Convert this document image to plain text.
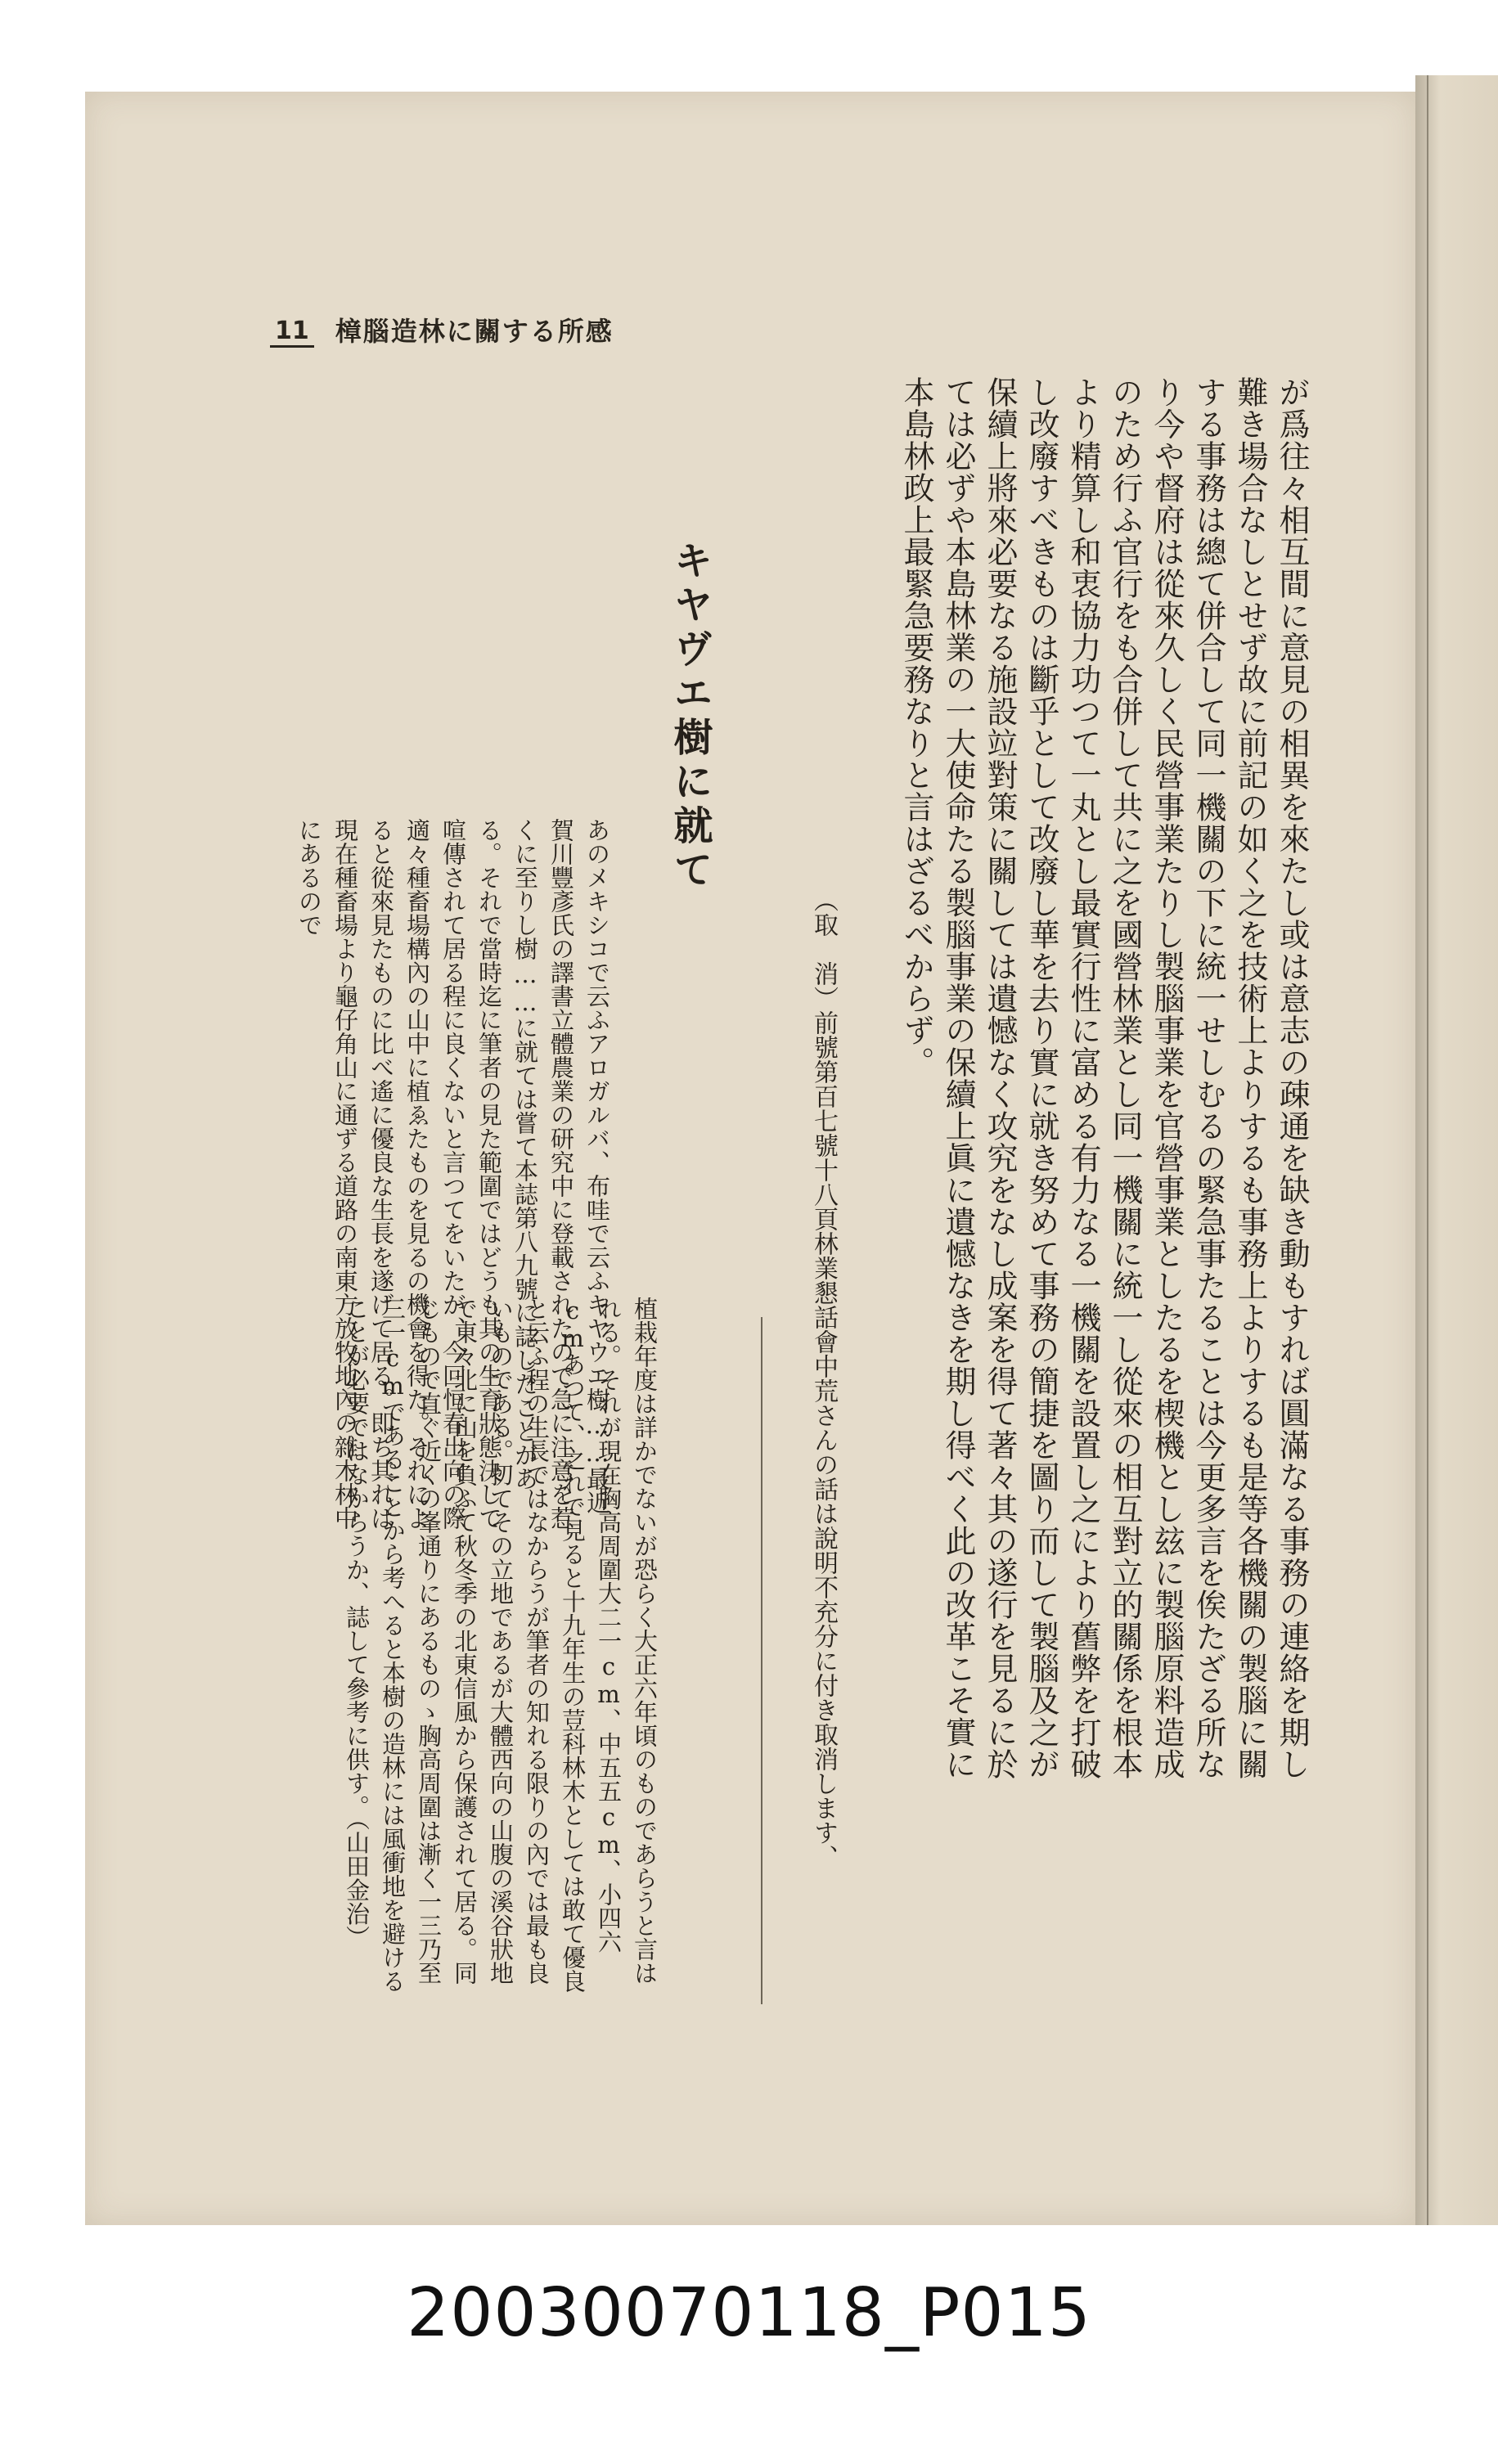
11 樟腦造林に關する所感
が爲往々相互間に意見の相異を來たし或は意志の疎通を缺き動もすれば圓滿なる事務の連絡を期し難き場合なしとせず故に前記の如く之を技術上よりするも事務上よりするも是等各機關の製腦に關する事務は總て併合して同一機關の下に統一せしむるの緊急事たることは今更多言を俟たざる所なり今や督府は從來久しく民營事業たりし製腦事業を官營事業としたるを楔機とし玆に製腦原料造成のため行ふ官行をも合併して共に之を國營林業とし同一機關に統一し從來の相互對立的關係を根本より精算し和衷協力功つて一丸とし最實行性に富める有力なる一機關を設置し之により舊弊を打破し改廢すべきものは斷乎として改廢し華を去り實に就き努めて事務の簡捷を圖り而して製腦及之が保續上將來必要なる施設竝對策に關しては遺憾なく攻究をなし成案を得て著々其の遂行を見るに於ては必ずや本島林業の一大使命たる製腦事業の保續上眞に遺憾なきを期し得べく此の改革こそ實に本島林政上最緊急要務なりと言はざるべからず。
（取　消）前號第百七號十八頁林業懇話會中荒さんの話は說明不充分に付き取消します、
キヤヴエ樹に就て
あのメキシコで云ふアロガルバ、布哇で云ふキヤウエ樹……最近賀川豐彥氏の譯書立體農業の研究中に登載されたので急に注意を惹くに至りし樹……に就ては嘗て本誌第八九號に誌したことがある。それで當時迄に筆者の見た範圍ではどうも其の生育狀態決して喧傳されて居る程に良くないと言つてをいたが、今回恒春出向の際適々種畜場構內の山中に植ゑたものを見るの機會を得た。それによると從來見たものに比べ遙に優良な生長を遂げて居る。即ち其れは現在種畜場より龜仔角山に通ずる道路の南東方放牧地內の雜木林中にあるので
植栽年度は詳かでないが恐らく大正六年頃のものであらうと言はれる。それが現在胸高周圍大二一cm、中五五cm、小四六cmあつて、之れで見ると十九年生の荳科林木としては敢て優良と云ふ程の生長ではなからうが筆者の知れる限りの內では最も良いものである。扨てその立地であるが大體西向の山腹の溪谷狀地で東々北に山を負ふて秋冬季の北東信風から保護されて居る。同じもので直ぐ近くの峯通りにあるものゝ胸高周圍は漸く一三乃至三一cmであることから考へると本樹の造林には風衝地を避けることが必要ではなからうか、誌して參考に供す。（山田金治）
20030070118_P015
